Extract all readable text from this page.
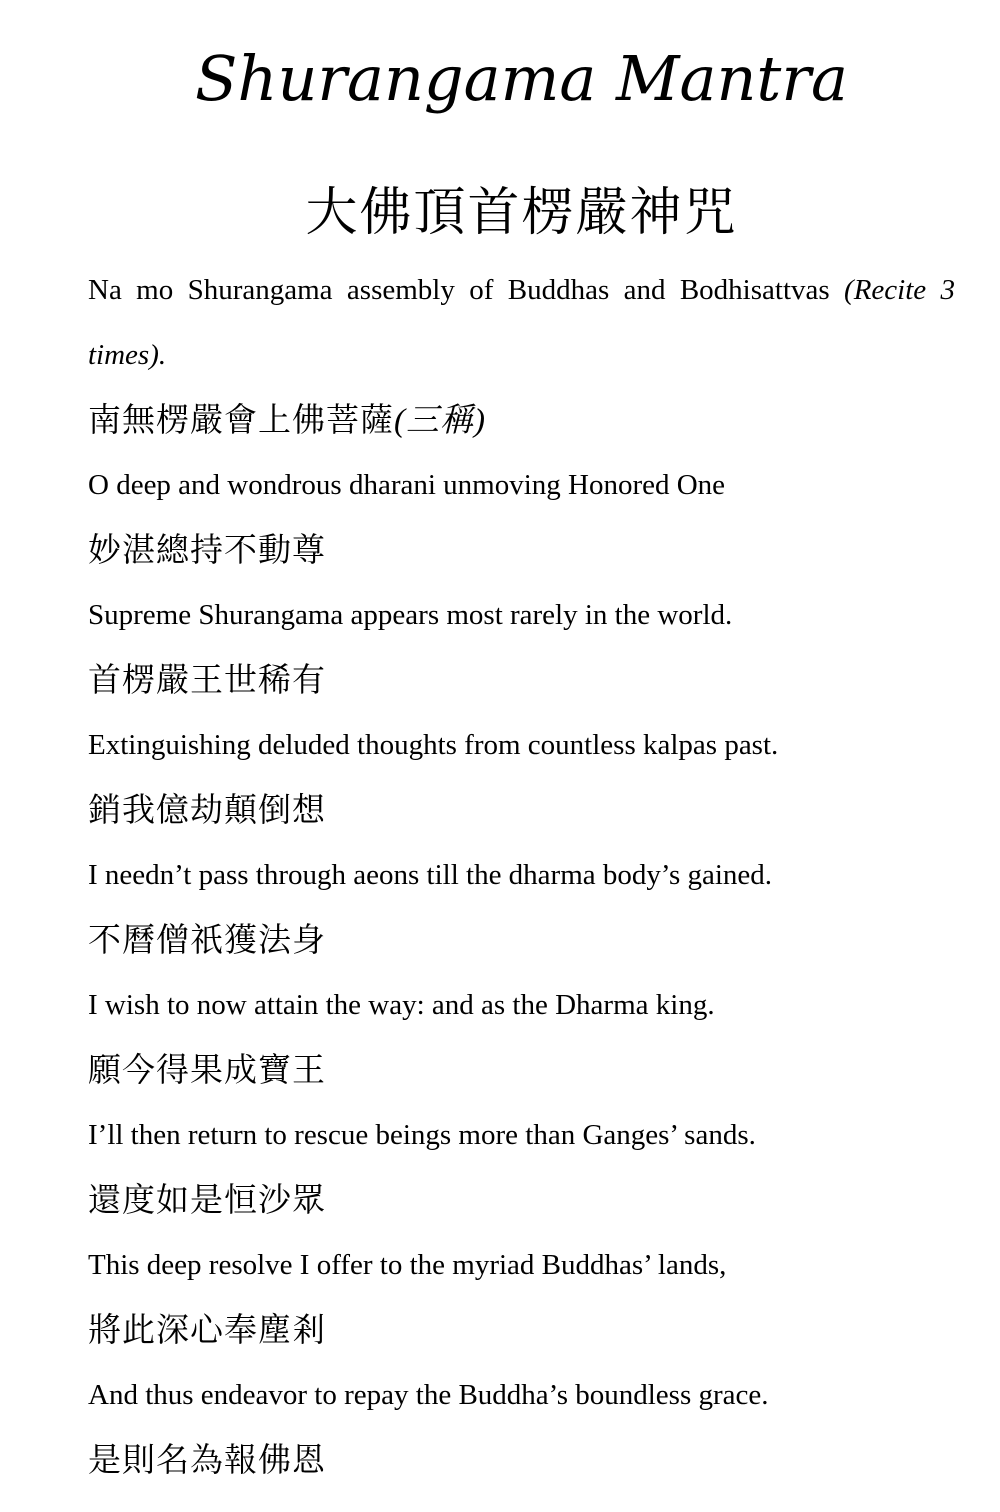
Shurangama Mantra
大佛頂首楞嚴神咒
Na mo Shurangama assembly of Buddhas and Bodhisattvas (Recite 3
times).
南無楞嚴會上佛菩薩(三稱)
O deep and wondrous dharani unmoving Honored One
妙湛總持不動尊
Supreme Shurangama appears most rarely in the world.
首楞嚴王世稀有
Extinguishing deluded thoughts from countless kalpas past.
銷我億劫顛倒想
I needn’t pass through aeons till the dharma body’s gained.
不曆僧祇獲法身
I wish to now attain the way: and as the Dharma king.
願今得果成寶王
I’ll then return to rescue beings more than Ganges’ sands.
還度如是恒沙眾
This deep resolve I offer to the myriad Buddhas’ lands,
將此深心奉塵剎
And thus endeavor to repay the Buddha’s boundless grace.
是則名為報佛恩
